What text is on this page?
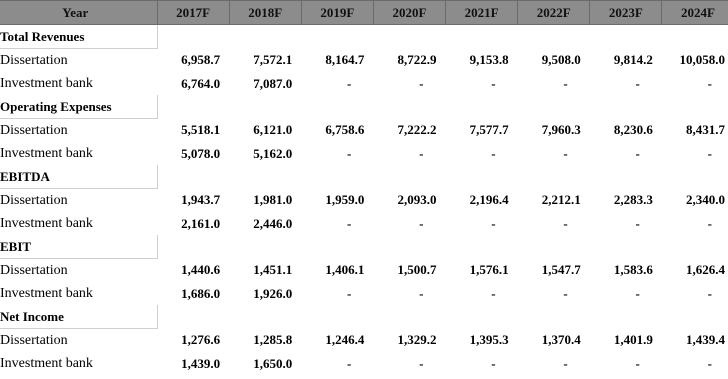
Year	2017F	2018F	2019F	2020F	2021F	2022F	2023F	2024F
Total Revenues								
Dissertation	6,958.7	7,572.1	8,164.7	8,722.9	9,153.8	9,508.0	9,814.2	10,058.0
Investment bank	6,764.0	7,087.0	-	-	-	-	-	-
Operating Expenses								
Dissertation	5,518.1	6,121.0	6,758.6	7,222.2	7,577.7	7,960.3	8,230.6	8,431.7
Investment bank	5,078.0	5,162.0	-	-	-	-	-	-
EBITDA								
Dissertation	1,943.7	1,981.0	1,959.0	2,093.0	2,196.4	2,212.1	2,283.3	2,340.0
Investment bank	2,161.0	2,446.0	-	-	-	-	-	-
EBIT								
Dissertation	1,440.6	1,451.1	1,406.1	1,500.7	1,576.1	1,547.7	1,583.6	1,626.4
Investment bank	1,686.0	1,926.0	-	-	-	-	-	-
Net Income								
Dissertation	1,276.6	1,285.8	1,246.4	1,329.2	1,395.3	1,370.4	1,401.9	1,439.4
Investment bank	1,439.0	1,650.0	-	-	-	-	-	-
